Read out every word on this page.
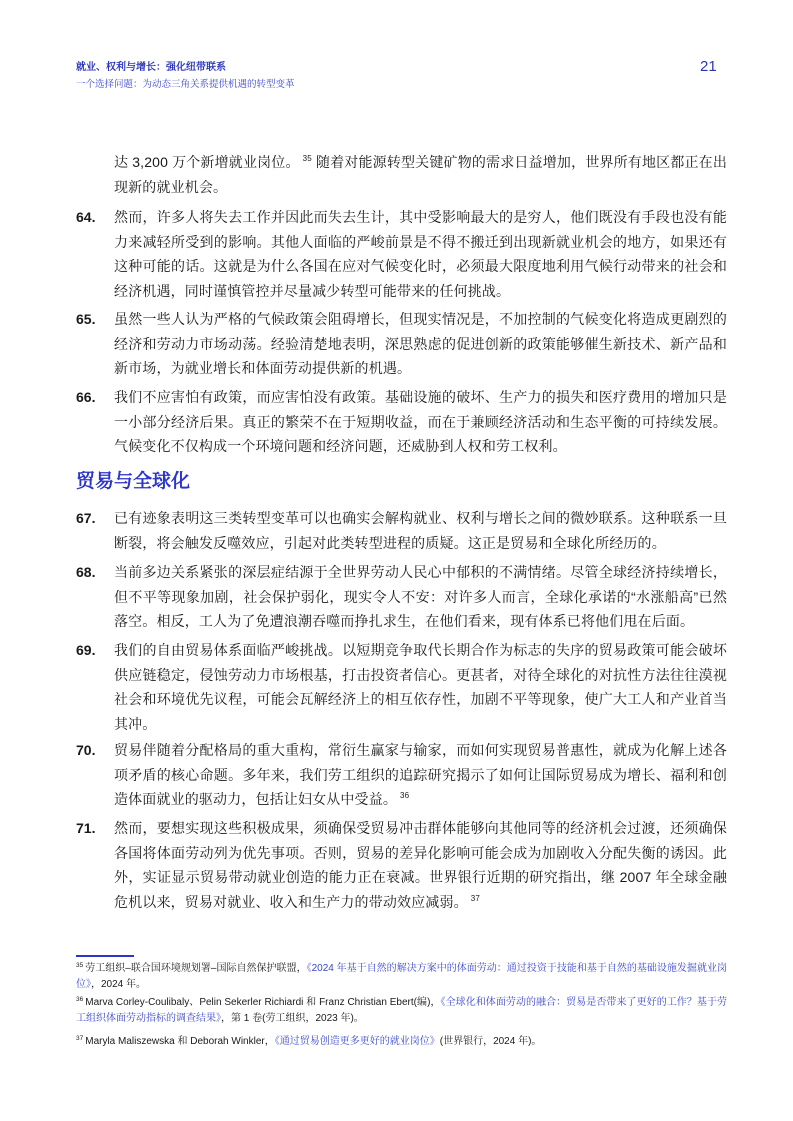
就业、权利与增长：强化纽带联系
一个选择问题：为动态三角关系提供机遇的转型变革
21
达 3,200 万个新增就业岗位。 $^{35}$ 随着对能源转型关键矿物的需求日益增加，世界所有地区都正在出现新的就业机会。
64.	然而，许多人将失去工作并因此而失去生计，其中受影响最大的是穷人，他们既没有手段也没有能力来减轻所受到的影响。其他人面临的严峻前景是不得不搬迁到出现新就业机会的地方，如果还有这种可能的话。这就是为什么各国在应对气候变化时，必须最大限度地利用气候行动带来的社会和经济机遇，同时谨慎管控并尽量减少转型可能带来的任何挑战。
65.	虽然一些人认为严格的气候政策会阻碍增长，但现实情况是，不加控制的气候变化将造成更剧烈的经济和劳动力市场动荡。经验清楚地表明，深思熟虑的促进创新的政策能够催生新技术、新产品和新市场，为就业增长和体面劳动提供新的机遇。
66.	我们不应害怕有政策，而应害怕没有政策。基础设施的破坏、生产力的损失和医疗费用的增加只是一小部分经济后果。真正的繁荣不在于短期收益，而在于兼顾经济活动和生态平衡的可持续发展。气候变化不仅构成一个环境问题和经济问题，还威胁到人权和劳工权利。
贸易与全球化
67.	已有迹象表明这三类转型变革可以也确实会解构就业、权利与增长之间的微妙联系。这种联系一旦断裂，将会触发反噬效应，引起对此类转型进程的质疑。这正是贸易和全球化所经历的。
68.	当前多边关系紧张的深层症结源于全世界劳动人民心中郁积的不满情绪。尽管全球经济持续增长，但不平等现象加剧，社会保护弱化，现实令人不安：对许多人而言，全球化承诺的“水涨船高”已然落空。相反，工人为了免遭浪潮吞噬而挣扎求生，在他们看来，现有体系已将他们甩在后面。
69.	我们的自由贸易体系面临严峻挑战。以短期竞争取代长期合作为标志的失序的贸易政策可能会破坏供应链稳定，侵蚀劳动力市场根基，打击投资者信心。更甚者，对待全球化的对抗性方法往往漠视社会和环境优先议程，可能会瓦解经济上的相互依存性，加剧不平等现象，使广大工人和产业首当其冲。
70.	贸易伴随着分配格局的重大重构，常衍生赢家与输家，而如何实现贸易普惠性，就成为化解上述各项矛盾的核心命题。多年来，我们劳工组织的追踪研究揭示了如何让国际贸易成为增长、福利和创造体面就业的驱动力，包括让妇女从中受益。 $^{36}$
71.	然而，要想实现这些积极成果，须确保受贸易冲击群体能够向其他同等的经济机会过渡，还须确保各国将体面劳动列为优先事项。否则，贸易的差异化影响可能会成为加剧收入分配失衡的诱因。此外，实证显示贸易带动就业创造的能力正在衰减。世界银行近期的研究指出，继 2007 年全球金融危机以来，贸易对就业、收入和生产力的带动效应减弱。 $^{37}$
$^{35}$ 劳工组织–联合国环境规划署–国际自然保护联盟，《2024 年基于自然的解决方案中的体面劳动：通过投资于技能和基于自然的基础设施发掘就业岗位》，2024 年。
$^{36}$ Marva Corley-Coulibaly、Pelin Sekerler Richiardi 和 Franz Christian Ebert(编)，《全球化和体面劳动的融合：贸易是否带来了更好的工作？基于劳工组织体面劳动指标的调查结果》，第 1 卷(劳工组织，2023 年)。
$^{37}$ Maryla Maliszewska 和 Deborah Winkler，《通过贸易创造更多更好的就业岗位》(世界银行，2024 年)。
